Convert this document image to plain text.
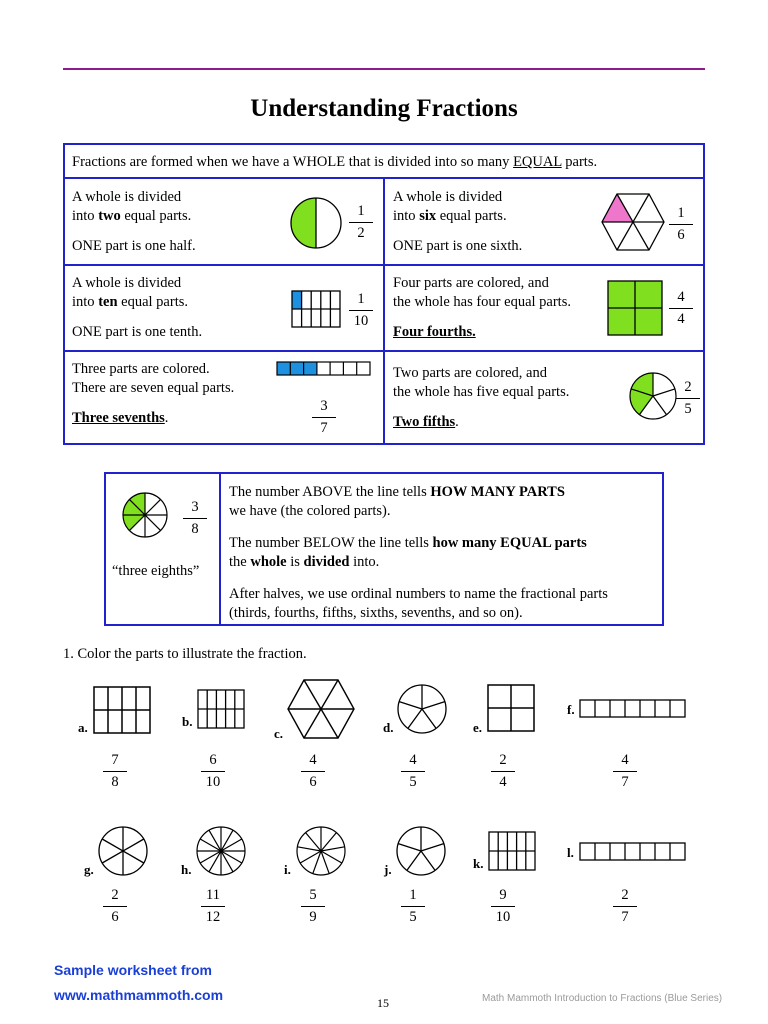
Understanding Fractions
Fractions are formed when we have a WHOLE that is divided into so many EQUAL parts.
A whole is divided
into two equal parts.
ONE part is one half.
1
2
A whole is divided
into six equal parts.
ONE part is one sixth.
1
6
A whole is divided
into ten equal parts.
ONE part is one tenth.
1
10
Four parts are colored, and
the whole has four equal parts.
Four fourths.
4
4
Three parts are colored.
There are seven equal parts.
Three sevenths.
3
7
Two parts are colored, and
the whole has five equal parts.
Two fifths.
2
5
3
8
“three eighths”
The number ABOVE the line tells HOW MANY PARTS
we have (the colored parts).
The number BELOW the line tells how many EQUAL parts
the whole is divided into.
After halves, we use ordinal numbers to name the fractional parts
(thirds, fourths, fifths, sixths, sevenths, and so on).
1. Color the parts to illustrate the fraction.
a.
7
8
b.
6
10
c.
4
6
d.
4
5
e.
2
4
f.
4
7
g.
2
6
h.
11
12
i.
5
9
j.
1
5
k.
9
10
l.
2
7
Sample worksheet from
www.mathmammoth.com	15	Math Mammoth Introduction to Fractions (Blue Series)
